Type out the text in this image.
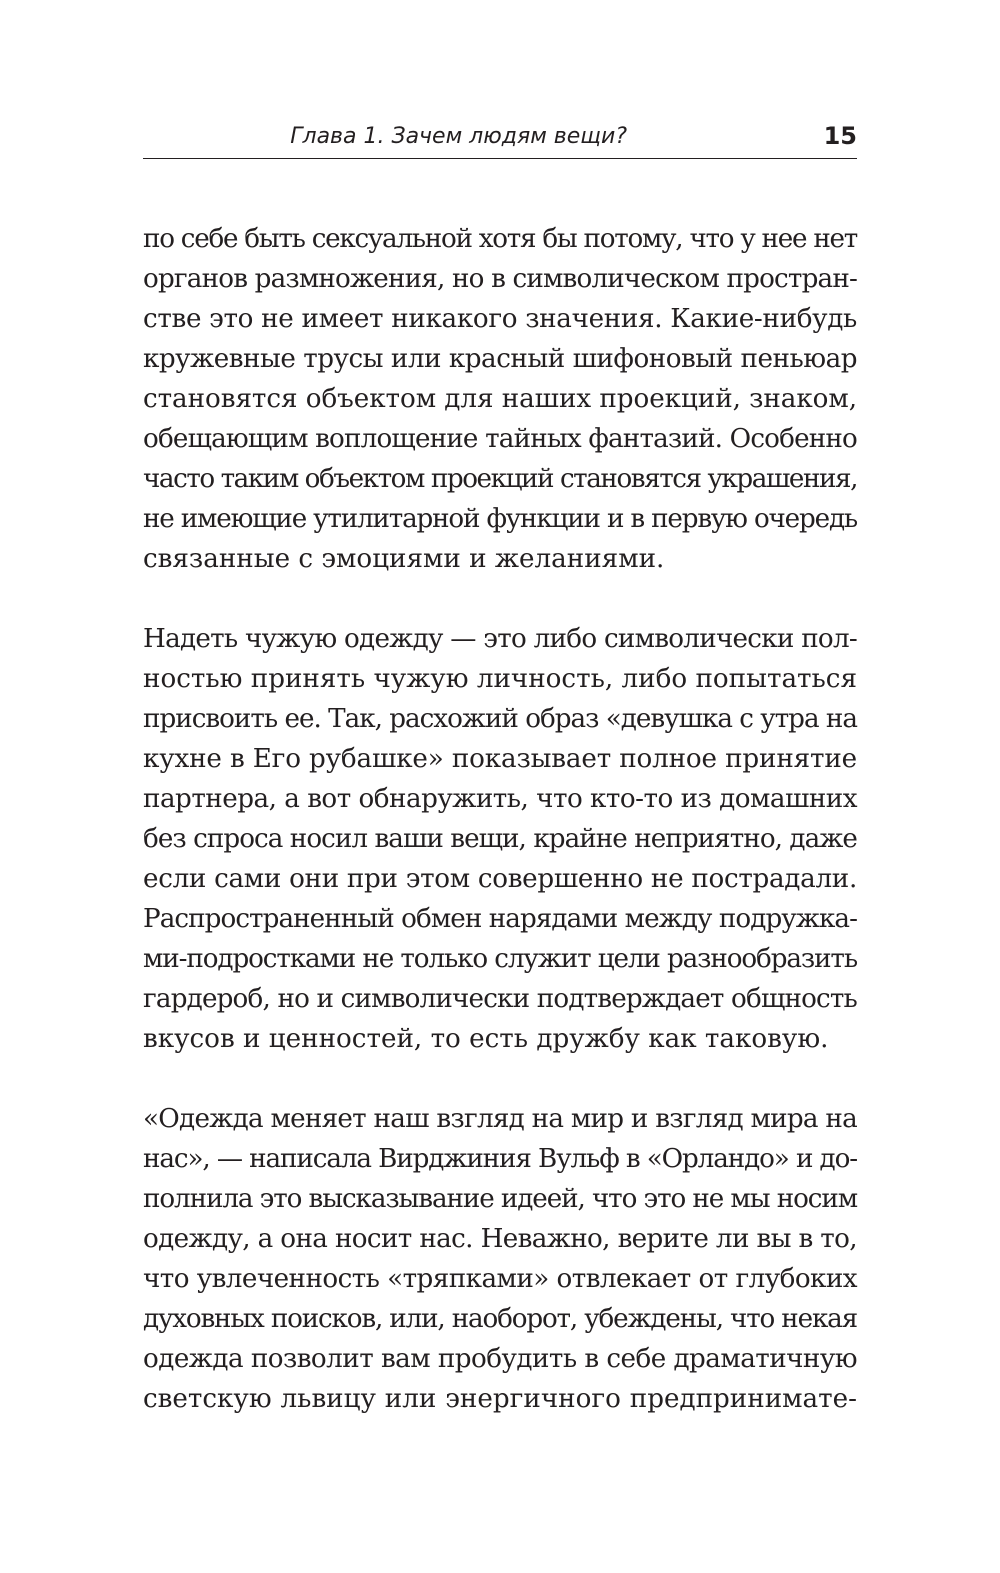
Глава 1. Зачем людям вещи?	15
по себе быть сексуальной хотя бы потому, что у нее нет
органов размножения, но в символическом простран-
стве это не имеет никакого значения. Какие-нибудь
кружевные трусы или красный шифоновый пеньюар
становятся объектом для наших проекций, знаком,
обещающим воплощение тайных фантазий. Особенно
часто таким объектом проекций становятся украшения,
не имеющие утилитарной функции и в первую очередь
связанные с эмоциями и желаниями.
Надеть чужую одежду — это либо символически пол-
ностью принять чужую личность, либо попытаться
присвоить ее. Так, расхожий образ «девушка с утра на
кухне в Его рубашке» показывает полное принятие
партнера, а вот обнаружить, что кто-то из домашних
без спроса носил ваши вещи, крайне неприятно, даже
если сами они при этом совершенно не пострадали.
Распространенный обмен нарядами между подружка-
ми-подростками не только служит цели разнообразить
гардероб, но и символически подтверждает общность
вкусов и ценностей, то есть дружбу как таковую.
«Одежда меняет наш взгляд на мир и взгляд мира на
нас», — написала Вирджиния Вульф в «Орландо» и до-
полнила это высказывание идеей, что это не мы носим
одежду, а она носит нас. Неважно, верите ли вы в то,
что увлеченность «тряпками» отвлекает от глубоких
духовных поисков, или, наоборот, убеждены, что некая
одежда позволит вам пробудить в себе драматичную
светскую львицу или энергичного предпринимате-
